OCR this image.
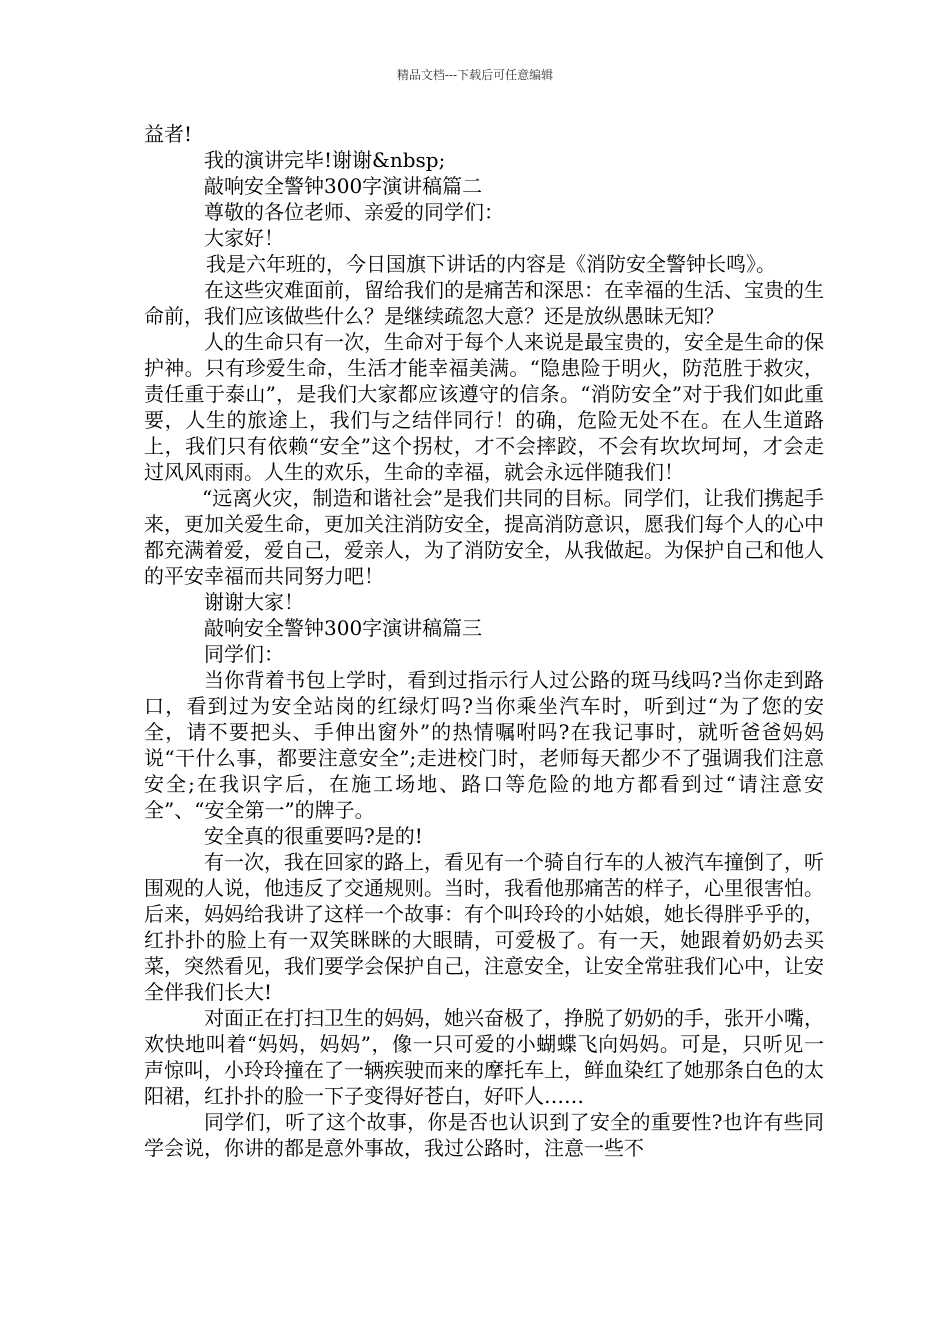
精品文档---下载后可任意编辑

益者!

我的演讲完毕!谢谢&nbsp;

敲响安全警钟300字演讲稿篇二

尊敬的各位老师、亲爱的同学们：

大家好！

我是六年班的，今日国旗下讲话的内容是《消防安全警钟长鸣》。

在这些灾难面前，留给我们的是痛苦和深思：在幸福的生活、宝贵的生命前，我们应该做些什么？是继续疏忽大意？还是放纵愚昧无知？

人的生命只有一次，生命对于每个人来说是最宝贵的，安全是生命的保护神。只有珍爱生命，生活才能幸福美满。“隐患险于明火，防范胜于救灾，责任重于泰山”，是我们大家都应该遵守的信条。“消防安全”对于我们如此重要，人生的旅途上，我们与之结伴同行！的确，危险无处不在。在人生道路上，我们只有依赖“安全”这个拐杖，才不会摔跤，不会有坎坎坷坷，才会走过风风雨雨。人生的欢乐，生命的幸福，就会永远伴随我们！

“远离火灾，制造和谐社会”是我们共同的目标。同学们，让我们携起手来，更加关爱生命，更加关注消防安全，提高消防意识，愿我们每个人的心中都充满着爱，爱自己，爱亲人，为了消防安全，从我做起。为保护自己和他人的平安幸福而共同努力吧！

谢谢大家！

敲响安全警钟300字演讲稿篇三

同学们：

当你背着书包上学时，看到过指示行人过公路的斑马线吗?当你走到路口，看到过为安全站岗的红绿灯吗?当你乘坐汽车时，听到过“为了您的安全，请不要把头、手伸出窗外”的热情嘱咐吗?在我记事时，就听爸爸妈妈说“干什么事，都要注意安全”;走进校门时，老师每天都少不了强调我们注意安全;在我识字后，在施工场地、路口等危险的地方都看到过“请注意安全”、“安全第一”的牌子。

安全真的很重要吗?是的!

有一次，我在回家的路上，看见有一个骑自行车的人被汽车撞倒了，听围观的人说，他违反了交通规则。当时，我看他那痛苦的样子，心里很害怕。后来，妈妈给我讲了这样一个故事：有个叫玲玲的小姑娘，她长得胖乎乎的，红扑扑的脸上有一双笑眯眯的大眼睛，可爱极了。有一天，她跟着奶奶去买菜，突然看见，我们要学会保护自己，注意安全，让安全常驻我们心中，让安全伴我们长大!

对面正在打扫卫生的妈妈，她兴奋极了，挣脱了奶奶的手，张开小嘴，欢快地叫着“妈妈，妈妈”，像一只可爱的小蝴蝶飞向妈妈。可是，只听见一声惊叫，小玲玲撞在了一辆疾驶而来的摩托车上，鲜血染红了她那条白色的太阳裙，红扑扑的脸一下子变得好苍白，好吓人……

同学们，听了这个故事，你是否也认识到了安全的重要性?也许有些同学会说，你讲的都是意外事故，我过公路时，注意一些不
